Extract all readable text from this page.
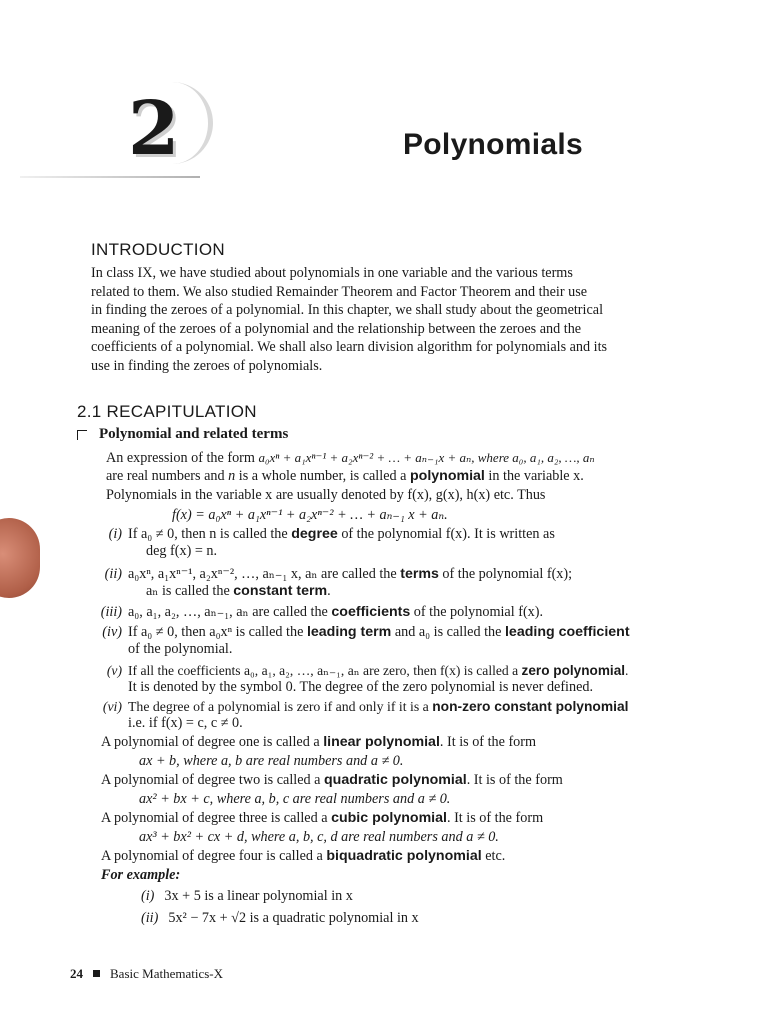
2	Polynomials
INTRODUCTION
In class IX, we have studied about polynomials in one variable and the various terms
related to them. We also studied Remainder Theorem and Factor Theorem and their use
in finding the zeroes of a polynomial. In this chapter, we shall study about the geometrical
meaning of the zeroes of a polynomial and the relationship between the zeroes and the
coefficients of a polynomial. We shall also learn division algorithm for polynomials and its
use in finding the zeroes of polynomials.
2.1 RECAPITULATION
Polynomial and related terms
An expression of the form a₀xⁿ + a₁xⁿ⁻¹ + a₂xⁿ⁻² + … + aₙ₋₁x + aₙ, where a₀, a₁, a₂, …, aₙ
are real numbers and n is a whole number, is called a polynomial in the variable x.
Polynomials in the variable x are usually denoted by f(x), g(x), h(x) etc. Thus
f(x) = a₀xⁿ + a₁xⁿ⁻¹ + a₂xⁿ⁻² + … + aₙ₋₁ x + aₙ.
(i) If a₀ ≠ 0, then n is called the degree of the polynomial f(x). It is written as
deg f(x) = n.
(ii) a₀xⁿ, a₁xⁿ⁻¹, a₂xⁿ⁻², …, aₙ₋₁ x, aₙ are called the terms of the polynomial f(x);
aₙ is called the constant term.
(iii) a₀, a₁, a₂, …, aₙ₋₁, aₙ are called the coefficients of the polynomial f(x).
(iv) If a₀ ≠ 0, then a₀xⁿ is called the leading term and a₀ is called the leading coefficient
of the polynomial.
(v) If all the coefficients a₀, a₁, a₂, …, aₙ₋₁, aₙ are zero, then f(x) is called a zero polynomial.
It is denoted by the symbol 0. The degree of the zero polynomial is never defined.
(vi) The degree of a polynomial is zero if and only if it is a non-zero constant polynomial
i.e. if f(x) = c, c ≠ 0.
A polynomial of degree one is called a linear polynomial. It is of the form
ax + b, where a, b are real numbers and a ≠ 0.
A polynomial of degree two is called a quadratic polynomial. It is of the form
ax² + bx + c, where a, b, c are real numbers and a ≠ 0.
A polynomial of degree three is called a cubic polynomial. It is of the form
ax³ + bx² + cx + d, where a, b, c, d are real numbers and a ≠ 0.
A polynomial of degree four is called a biquadratic polynomial etc.
For example:
(i) 3x + 5 is a linear polynomial in x
(ii) 5x² − 7x + √2 is a quadratic polynomial in x
24 Basic Mathematics-X
